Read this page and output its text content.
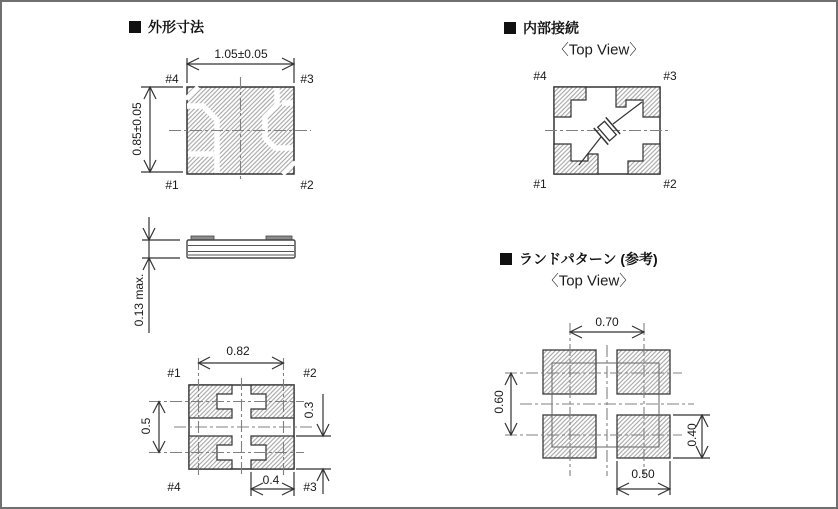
外形寸法	内部接続
〈Top View〉
ランドパターン (参考)
〈Top View〉
1.05±0.05
0.85±0.05
#4	#3
#1	#2
0.13 max.
0.82
0.5
0.3
0.4
#1	#2
#4	#3
#4	#3
#1	#2
0.70
0.60
0.40
0.50
